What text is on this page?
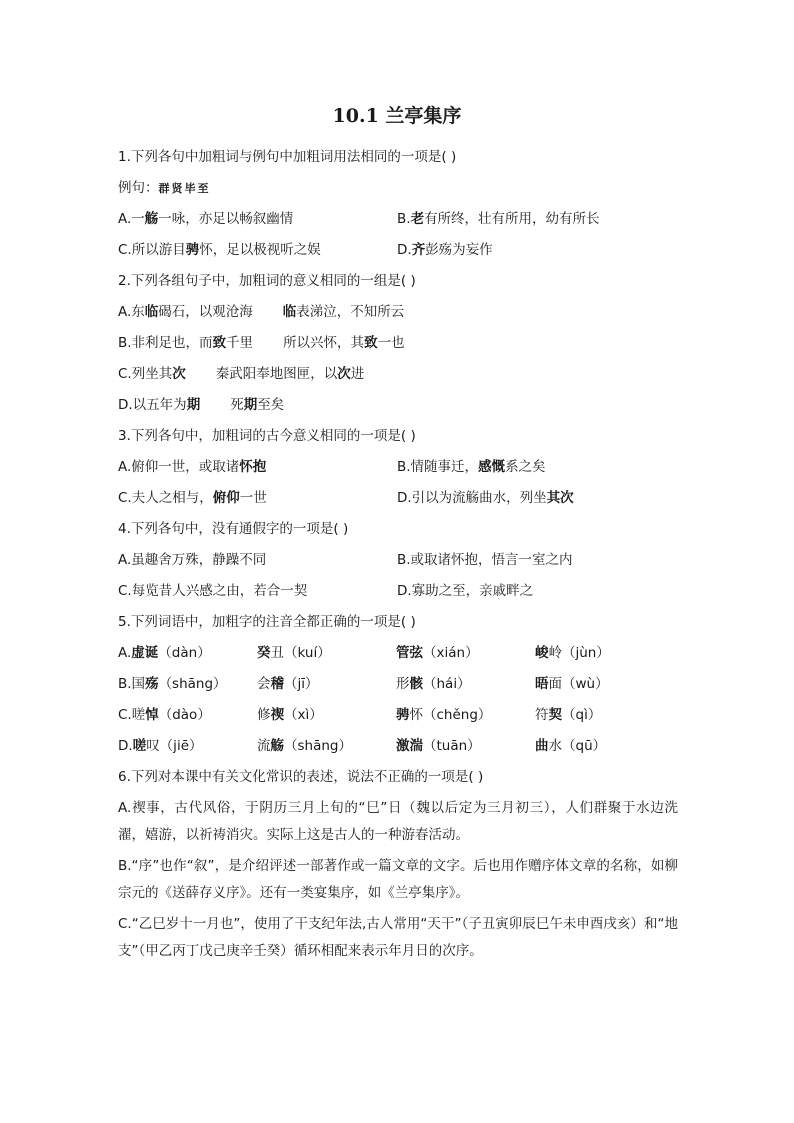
10.1 兰亭集序
1.下列各句中加粗词与例句中加粗词用法相同的一项是( )
例句：群贤毕至
A.一觞一咏，亦足以畅叙幽情	B.老有所终，壮有所用，幼有所长
C.所以游目骋怀，足以极视听之娱	D.齐彭殇为妄作
2.下列各组句子中，加粗词的意义相同的一组是( )
A.东临碣石，以观沧海 临表涕泣，不知所云
B.非利足也，而致千里 所以兴怀，其致一也
C.列坐其次 秦武阳奉地图匣，以次进
D.以五年为期 死期至矣
3.下列各句中，加粗词的古今意义相同的一项是( )
A.俯仰一世，或取诸怀抱	B.情随事迁，感慨系之矣
C.夫人之相与，俯仰一世	D.引以为流觞曲水，列坐其次
4.下列各句中，没有通假字的一项是( )
A.虽趣舍万殊，静躁不同	B.或取诸怀抱，悟言一室之内
C.每览昔人兴感之由，若合一契	D.寡助之至，亲戚畔之
5.下列词语中，加粗字的注音全都正确的一项是( )
A.虚诞（dàn）	癸丑（kuí）	管弦（xián）	峻岭（jùn）
B.国殇（shāng）	会稽（jī）	形骸（hái）	晤面（wù）
C.嗟悼（dào）	修禊（xì）	骋怀（chěng）	符契（qì）
D.嗟叹（jiē）	流觞（shāng）	激湍（tuān）	曲水（qū）
6.下列对本课中有关文化常识的表述，说法不正确的一项是( )
A.禊事，古代风俗，于阴历三月上旬的“巳”日（魏以后定为三月初三），人们群聚于水边洗濯，嬉游，以祈祷消灾。实际上这是古人的一种游春活动。
B.“序”也作“叙”，是介绍评述一部著作或一篇文章的文字。后也用作赠序体文章的名称，如柳宗元的《送薛存义序》。还有一类宴集序，如《兰亭集序》。
C.“乙巳岁十一月也”，使用了干支纪年法,古人常用“天干”（子丑寅卯辰巳午未申酉戌亥）和“地支”（甲乙丙丁戊己庚辛壬癸）循环相配来表示年月日的次序。
